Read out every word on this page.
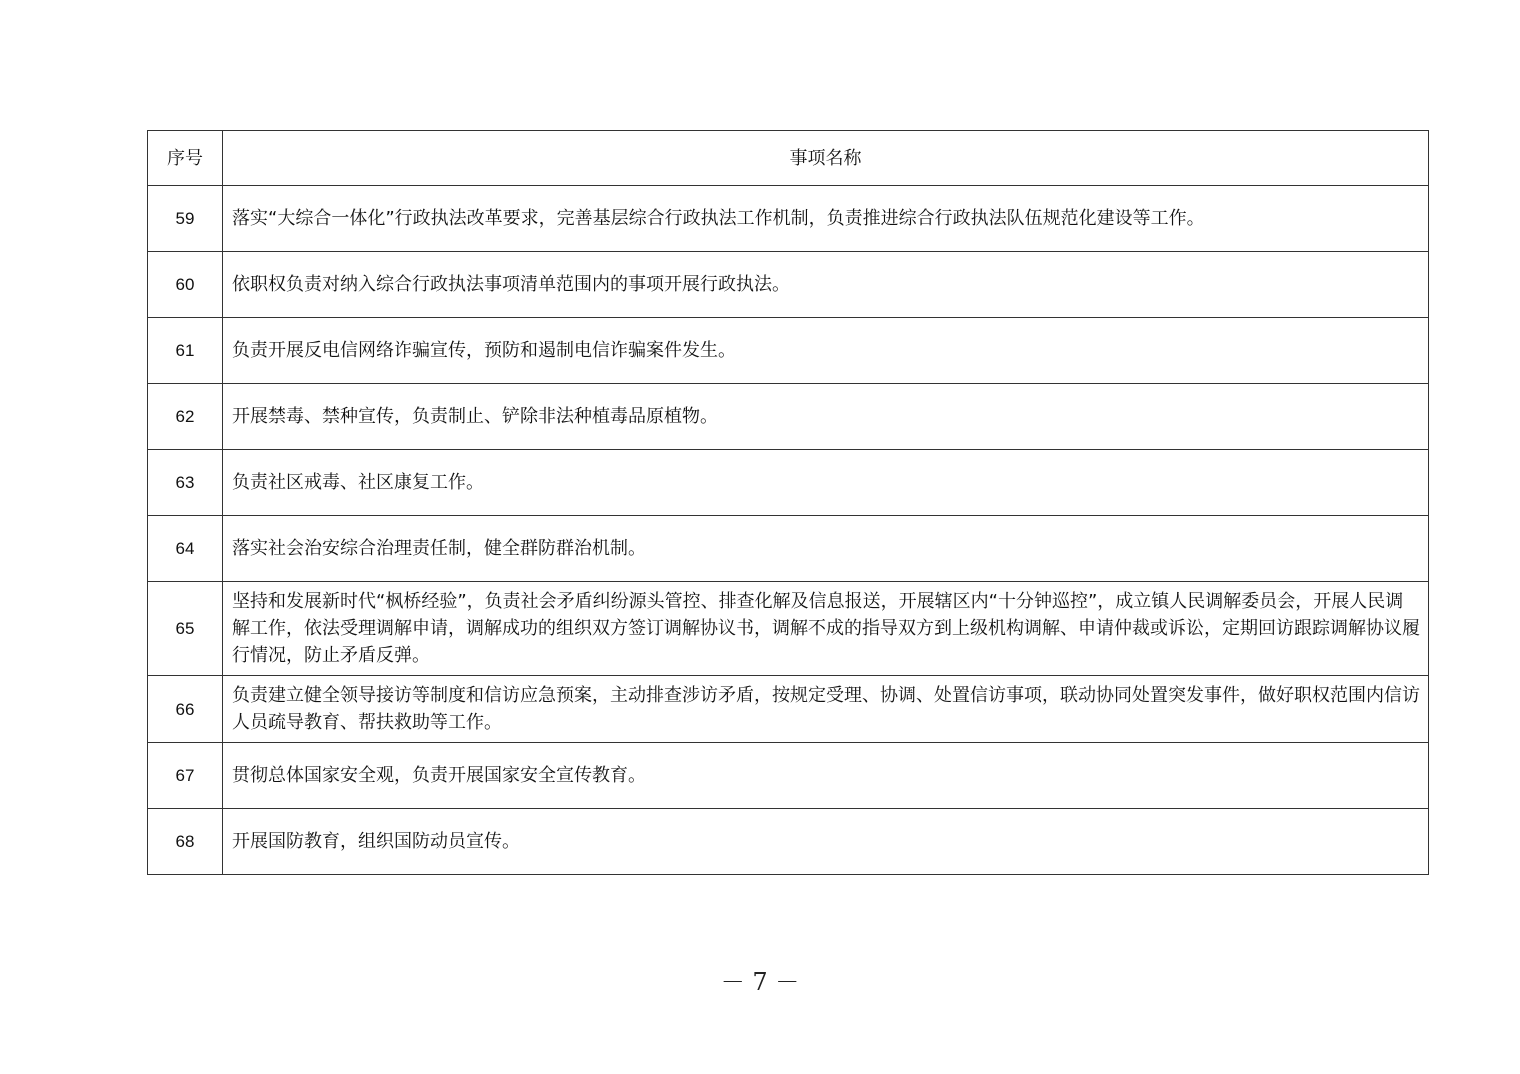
序号	事项名称
59	落实“大综合一体化”行政执法改革要求，完善基层综合行政执法工作机制，负责推进综合行政执法队伍规范化建设等工作。
60	依职权负责对纳入综合行政执法事项清单范围内的事项开展行政执法。
61	负责开展反电信网络诈骗宣传，预防和遏制电信诈骗案件发生。
62	开展禁毒、禁种宣传，负责制止、铲除非法种植毒品原植物。
63	负责社区戒毒、社区康复工作。
64	落实社会治安综合治理责任制，健全群防群治机制。
65	坚持和发展新时代“枫桥经验”，负责社会矛盾纠纷源头管控、排查化解及信息报送，开展辖区内“十分钟巡控”，成立镇人民调解委员会，开展人民调解工作，依法受理调解申请，调解成功的组织双方签订调解协议书，调解不成的指导双方到上级机构调解、申请仲裁或诉讼，定期回访跟踪调解协议履行情况，防止矛盾反弹。
66	负责建立健全领导接访等制度和信访应急预案，主动排查涉访矛盾，按规定受理、协调、处置信访事项，联动协同处置突发事件，做好职权范围内信访人员疏导教育、帮扶救助等工作。
67	贯彻总体国家安全观，负责开展国家安全宣传教育。
68	开展国防教育，组织国防动员宣传。
－ 7 －
